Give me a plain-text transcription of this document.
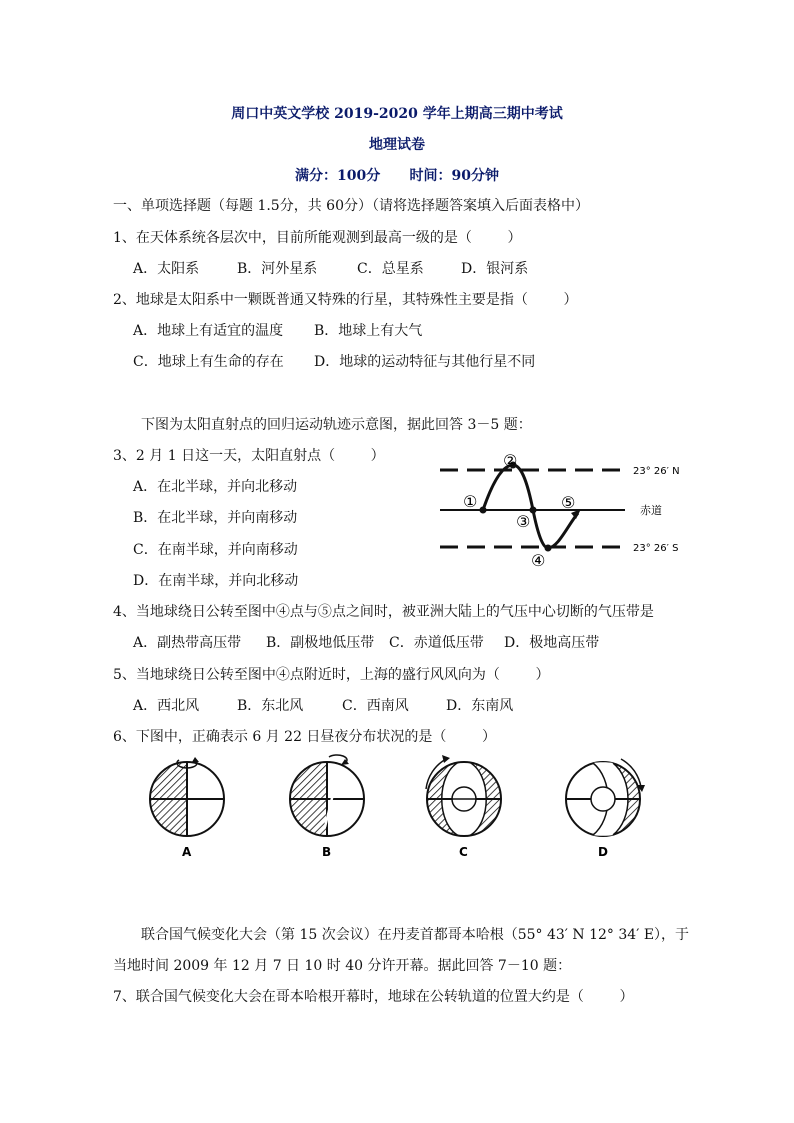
周口中英文学校 2019-2020 学年上期高三期中考试
地理试卷
满分：100分      时间：90分钟
一、单项选择题（每题 1.5分，共 60分）（请将选择题答案填入后面表格中）
1、在天体系统各层次中，目前所能观测到最高一级的是（        ）
A．太阳系	B．河外星系	C．总星系	D．银河系
2、地球是太阳系中一颗既普通又特殊的行星，其特殊性主要是指（        ）
A．地球上有适宜的温度 B．地球上有大气
C．地球上有生命的存在 D．地球的运动特征与其他行星不同
下图为太阳直射点的回归运动轨迹示意图，据此回答 3－5 题：
3、2 月 1 日这一天，太阳直射点（        ）
A．在北半球，并向北移动
B．在北半球，并向南移动
C．在南半球，并向南移动
D．在南半球，并向北移动
①
②
③
④
⑤
23° 26′ N
赤道
23° 26′ S
4、当地球绕日公转至图中④点与⑤点之间时，被亚洲大陆上的气压中心切断的气压带是
A．副热带高压带 B．副极地低压带 C．赤道低压带 D．极地高压带
5、当地球绕日公转至图中④点附近时，上海的盛行风风向为（        ）
A．西北风	B．东北风	C．西南风	D．东南风
6、下图中，正确表示 6 月 22 日昼夜分布状况的是（        ）
A	B	C	D
联合国气候变化大会（第 15 次会议）在丹麦首都哥本哈根（55° 43′ N 12° 34′ E），于
当地时间 2009 年 12 月 7 日 10 时 40 分许开幕。据此回答 7－10 题：
7、联合国气候变化大会在哥本哈根开幕时，地球在公转轨道的位置大约是（        ）
